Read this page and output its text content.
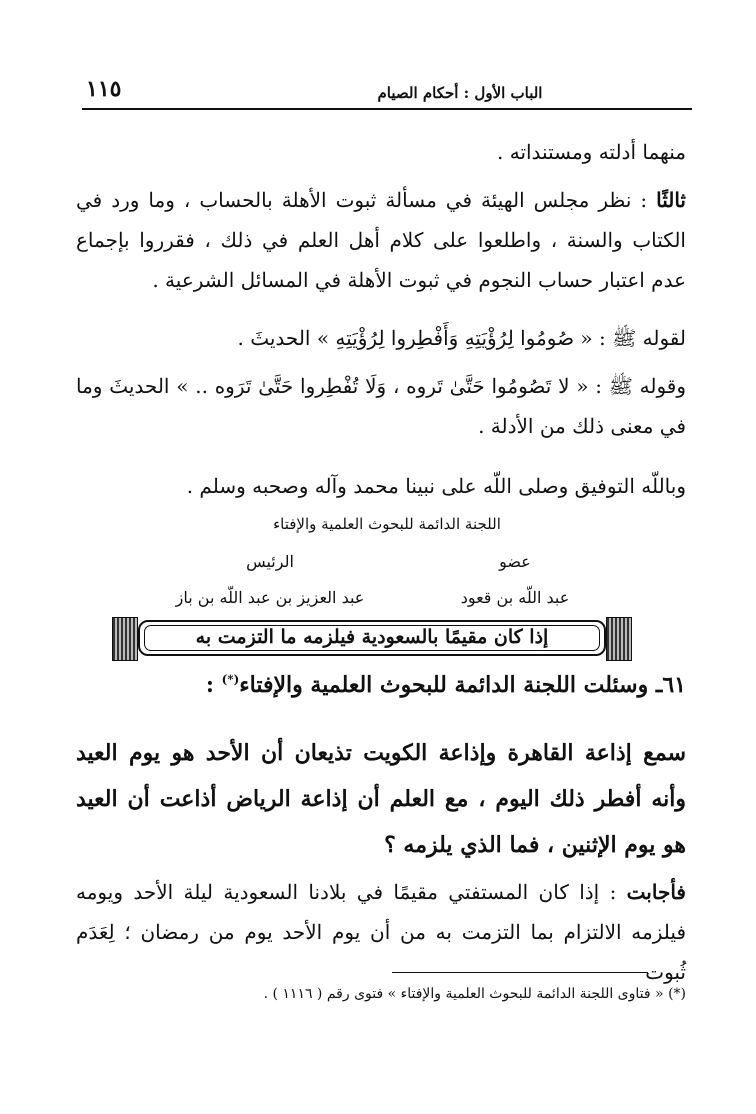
١١٥	الباب الأول : أحكام الصيام
منهما أدلته ومستنداته .
ثالثًا : نظر مجلس الهيئة في مسألة ثبوت الأهلة بالحساب ، وما ورد في الكتاب والسنة ، واطلعوا على كلام أهل العلم في ذلك ، فقرروا بإجماع عدم اعتبار حساب النجوم في ثبوت الأهلة في المسائل الشرعية .
لقوله ﷺ : « صُومُوا لِرُؤْيَتِهِ وَأَفْطِروا لِرُؤْيَتِهِ » الحديثَ .
وقوله ﷺ : « لا تَصُومُوا حَتَّىٰ تَروه ، وَلَا تُفْطِروا حَتَّىٰ تَرَوه .. » الحديثَ وما في معنى ذلك من الأدلة .
وباللّه التوفيق وصلى اللّه على نبينا محمد وآله وصحبه وسلم .
اللجنة الدائمة للبحوث العلمية والإفتاء
عضو
عبد اللّه بن قعود
الرئيس
عبد العزيز بن عبد اللّه بن باز
إذا كان مقيمًا بالسعودية فيلزمه ما التزمت به
٦١ـ وسئلت اللجنة الدائمة للبحوث العلمية والإفتاء(*) :
سمع إذاعة القاهرة وإذاعة الكويت تذيعان أن الأحد هو يوم العيد وأنه أفطر ذلك اليوم ، مع العلم أن إذاعة الرياض أذاعت أن العيد هو يوم الإثنين ، فما الذي يلزمه ؟
فأجابت : إذا كان المستفتي مقيمًا في بلادنا السعودية ليلة الأحد ويومه فيلزمه الالتزام بما التزمت به من أن يوم الأحد يوم من رمضان ؛ لِعَدَم ثُبوت
(*) « فتاوى اللجنة الدائمة للبحوث العلمية والإفتاء » فتوى رقم ( ١١١٦ ) .
